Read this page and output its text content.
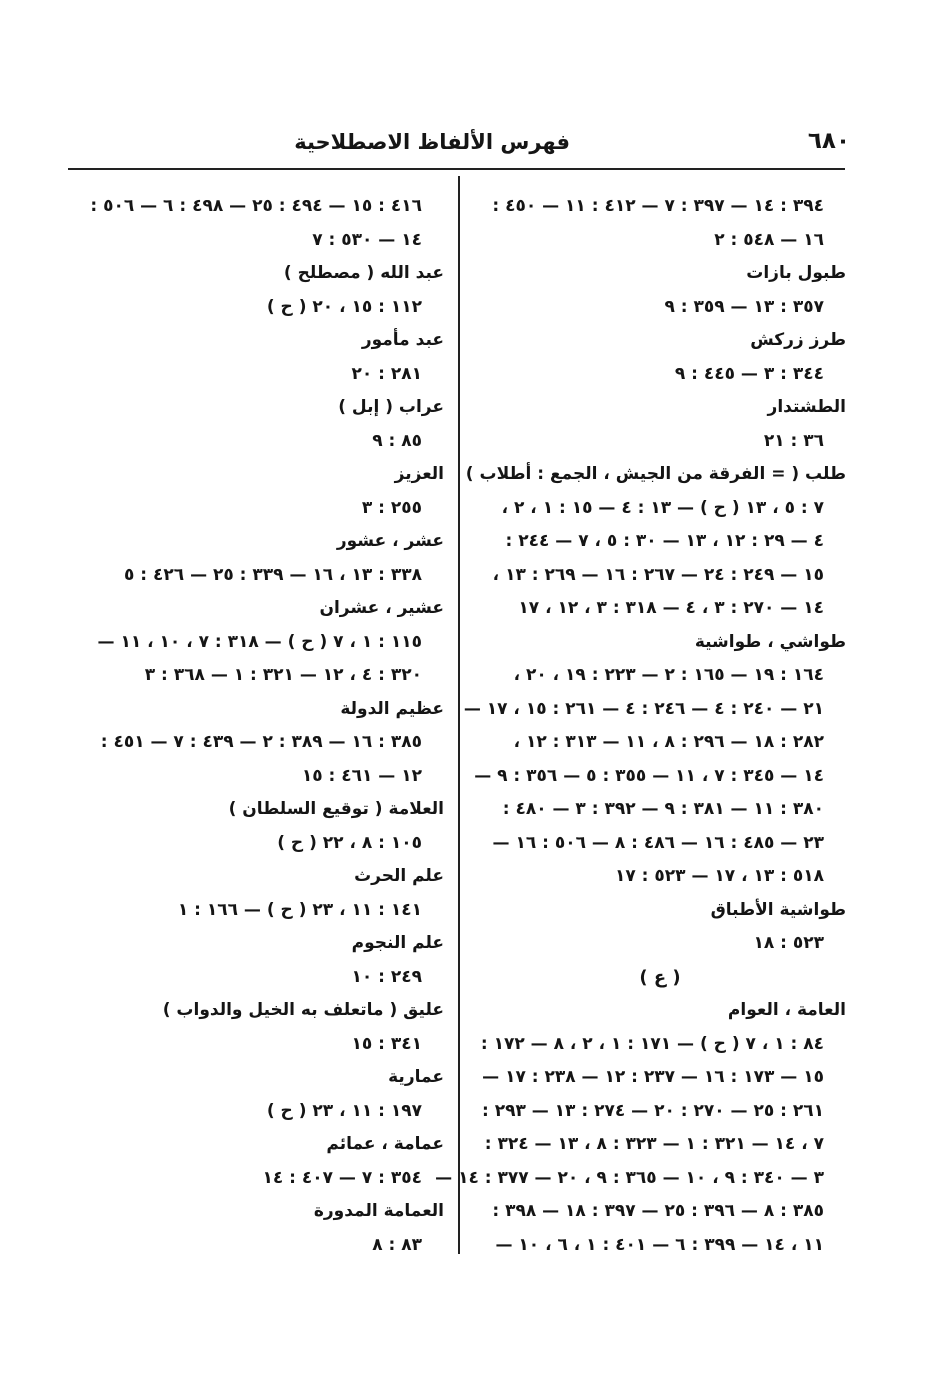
٦٨٠
فهرس الألفاظ الاصطلاحية
٣٩٤ : ١٤ — ٣٩٧ : ٧ — ٤١٢ : ١١ — ٤٥٠ :
١٦ — ٥٤٨ : ٢
طبول بازات
٣٥٧ : ١٣ — ٣٥٩ : ٩
طرز زركش
٣٤٤ : ٣ — ٤٤٥ : ٩
الطشتدار
٣٦ : ٢١
طلب ( = الفرقة من الجيش ، الجمع : أطلاب )
٧ : ٥ ، ١٣ ( ح ) — ١٣ : ٤ — ١٥ : ١ ، ٢ ،
٤ — ٢٩ : ١٢ ، ١٣ — ٣٠ : ٥ ، ٧ — ٢٤٤ :
١٥ — ٢٤٩ : ٢٤ — ٢٦٧ : ١٦ — ٢٦٩ : ١٣ ،
١٤ — ٢٧٠ : ٣ ، ٤ — ٣١٨ : ٣ ، ١٢ ، ١٧
طواشي ، طواشية
١٦٤ : ١٩ — ١٦٥ : ٢ — ٢٢٣ : ١٩ ، ٢٠ ،
٢١ — ٢٤٠ : ٤ — ٢٤٦ : ٤ — ٢٦١ : ١٥ ، ١٧ —
٢٨٢ : ١٨ — ٢٩٦ : ٨ ، ١١ — ٣١٣ : ١٢ ،
١٤ — ٣٤٥ : ٧ ، ١١ — ٣٥٥ : ٥ — ٣٥٦ : ٩ —
٣٨٠ : ١١ — ٣٨١ : ٩ — ٣٩٢ : ٣ — ٤٨٠ :
٢٣ — ٤٨٥ : ١٦ — ٤٨٦ : ٨ — ٥٠٦ : ١٦ —
٥١٨ : ١٣ ، ١٧ — ٥٢٣ : ١٧
طواشية الأطباق
٥٢٣ : ١٨
( ع )
العامة ، العوام
٨٤ : ١ ، ٧ ( ح ) — ١٧١ : ١ ، ٢ ، ٨ — ١٧٢ :
١٥ — ١٧٣ : ١٦ — ٢٣٧ : ١٢ — ٢٣٨ : ١٧ —
٢٦١ : ٢٥ — ٢٧٠ : ٢٠ — ٢٧٤ : ١٣ — ٢٩٣ :
٧ ، ١٤ — ٣٢١ : ١ — ٣٢٣ : ٨ ، ١٣ — ٣٢٤ :
٣ — ٣٤٠ : ٩ ، ١٠ — ٣٦٥ : ٩ ، ٢٠ — ٣٧٧ : ١٤ —
٣٨٥ : ٨ — ٣٩٦ : ٢٥ — ٣٩٧ : ١٨ — ٣٩٨ :
١١ ، ١٤ — ٣٩٩ : ٦ — ٤٠١ : ١ ، ٦ ، ١٠ —
٤١٦ : ١٥ — ٤٩٤ : ٢٥ — ٤٩٨ : ٦ — ٥٠٦ :
١٤ — ٥٣٠ : ٧
عبد الله ( مصطلح )
١١٢ : ١٥ ، ٢٠ ( ح )
عبد مأمور
٢٨١ : ٢٠
عراب ( إبل )
٨٥ : ٩
العزيز
٢٥٥ : ٣
عشر ، عشور
٣٣٨ : ١٣ ، ١٦ — ٣٣٩ : ٢٥ — ٤٢٦ : ٥
عشير ، عشران
١١٥ : ١ ، ٧ ( ح ) — ٣١٨ : ٧ ، ١٠ ، ١١ —
٣٢٠ : ٤ ، ١٢ — ٣٢١ : ١ — ٣٦٨ : ٣
عظيم الدولة
٣٨٥ : ١٦ — ٣٨٩ : ٢ — ٤٣٩ : ٧ — ٤٥١ :
١٢ — ٤٦١ : ١٥
العلامة ( توقيع السلطان )
١٠٥ : ٨ ، ٢٢ ( ح )
علم الحرث
١٤١ : ١١ ، ٢٣ ( ح ) — ١٦٦ : ١
علم النجوم
٢٤٩ : ١٠
عليق ( ماتعلف به الخيل والدواب )
٣٤١ : ١٥
عمارية
١٩٧ : ١١ ، ٢٣ ( ح )
عمامة ، عمائم
٣٥٤ : ٧ — ٤٠٧ : ١٤
العمامة المدورة
٨٣ : ٨
